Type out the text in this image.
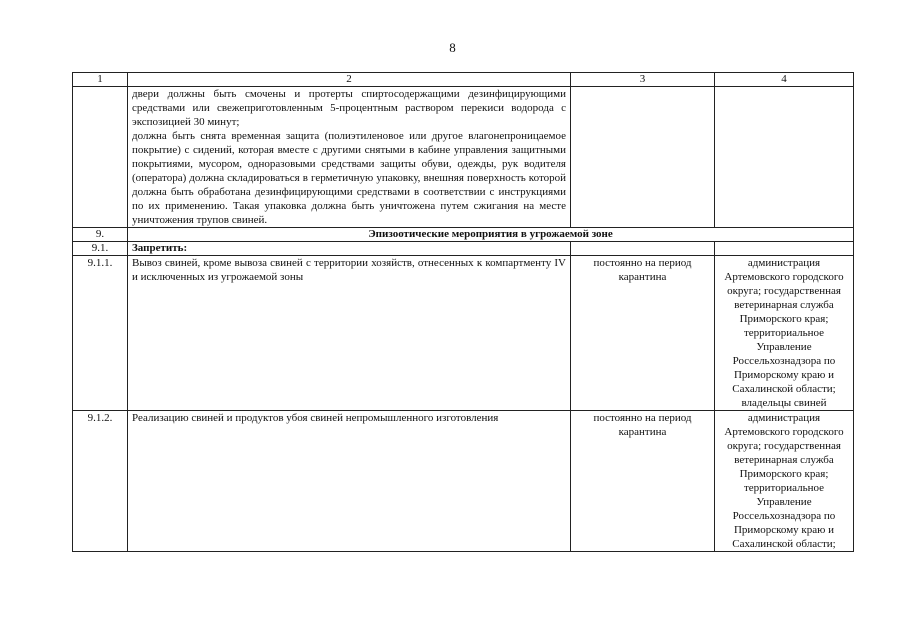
8
1	2	3	4

	двери должны быть смочены и протерты спиртосодержащими дезинфицирующими средствами или свежеприготовленным 5-процентным раствором перекиси водорода с экспозицией 30 минут;

должна быть снята временная защита (полиэтиленовое или другое влагонепроницаемое покрытие) с сидений, которая вместе с другими снятыми в кабине управления защитными покрытиями, мусором, одноразовыми средствами защиты обуви, одежды, рук водителя (оператора) должна складироваться в герметичную упаковку, внешняя поверхность которой должна быть обработана дезинфицирующими средствами в соответствии с инструкциями по их применению. Такая упаковка должна быть уничтожена путем сжигания на месте уничтожения трупов свиней.		

9.	Эпизоотические мероприятия в угрожаемой зоне		
9.1.	Запретить:		
9.1.1.	Вывоз свиней, кроме вывоза свиней с территории хозяйств, отнесенных к компартменту IV и исключенных из угрожаемой зоны	постоянно на период карантина	администрация Артемовского городского округа; государственная ветеринарная служба Приморского края; территориальное Управление Россельхознадзора по Приморскому краю и Сахалинской области; владельцы свиней
9.1.2.	Реализацию свиней и продуктов убоя свиней непромышленного изготовления	постоянно на период карантина	администрация Артемовского городского округа; государственная ветеринарная служба Приморского края; территориальное Управление Россельхознадзора по Приморскому краю и Сахалинской области;
